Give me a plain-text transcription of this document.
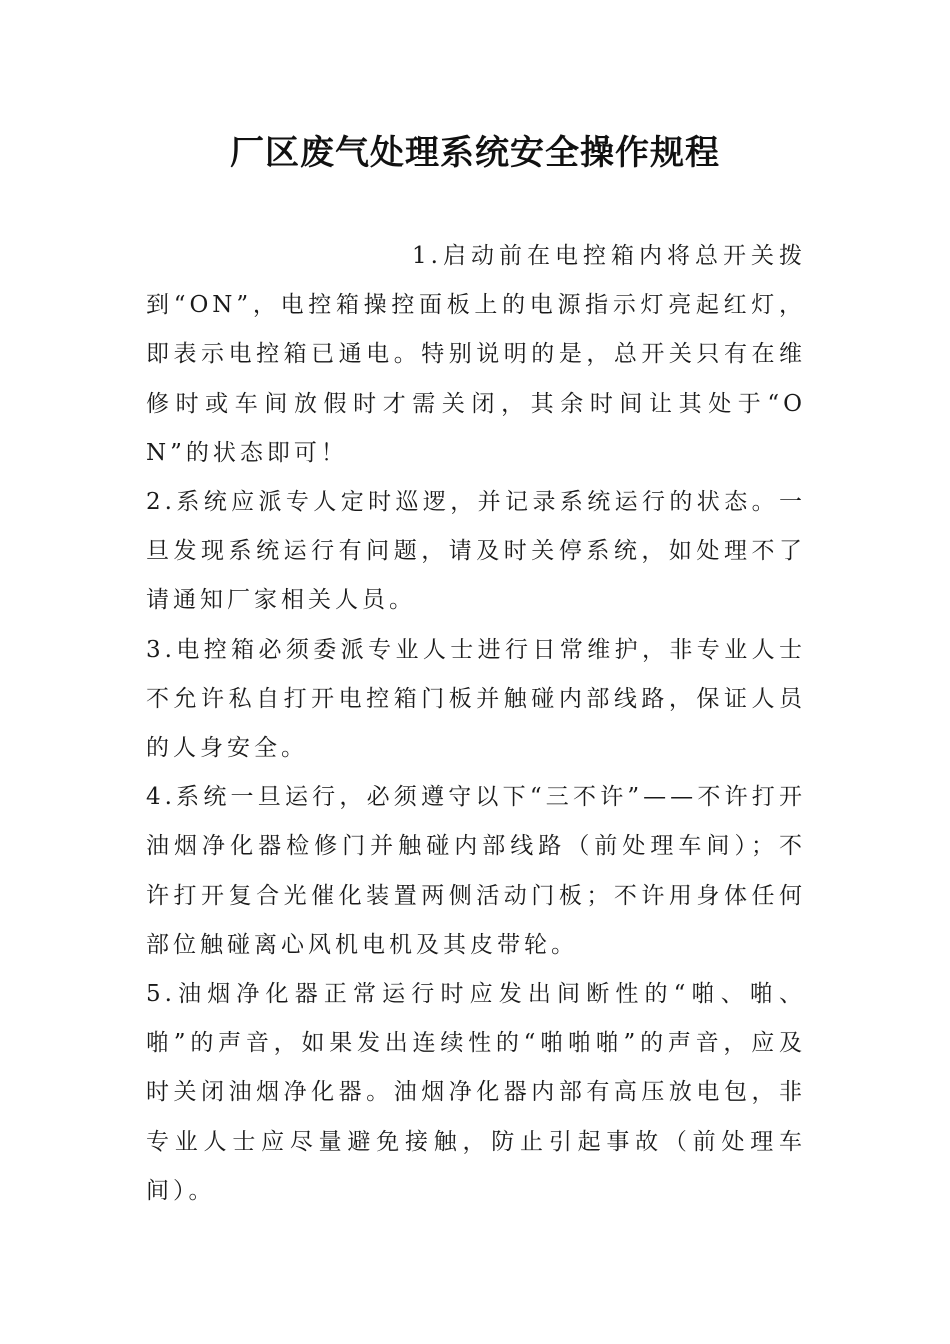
厂区废气处理系统安全操作规程

1.启动前在电控箱内将总开关拨到“ON”，电控箱操控面板上的电源指示灯亮起红灯，即表示电控箱已通电。特别说明的是，总开关只有在维修时或车间放假时才需关闭，其余时间让其处于“ON”的状态即可！

2.系统应派专人定时巡逻，并记录系统运行的状态。一旦发现系统运行有问题，请及时关停系统，如处理不了请通知厂家相关人员。

3.电控箱必须委派专业人士进行日常维护，非专业人士不允许私自打开电控箱门板并触碰内部线路，保证人员的人身安全。

4.系统一旦运行，必须遵守以下“三不许”——不许打开油烟净化器检修门并触碰内部线路（前处理车间）；不许打开复合光催化装置两侧活动门板；不许用身体任何部位触碰离心风机电机及其皮带轮。

5.油烟净化器正常运行时应发出间断性的“啪、啪、啪”的声音，如果发出连续性的“啪啪啪”的声音，应及时关闭油烟净化器。油烟净化器内部有高压放电包，非专业人士应尽量避免接触，防止引起事故（前处理车间）。
